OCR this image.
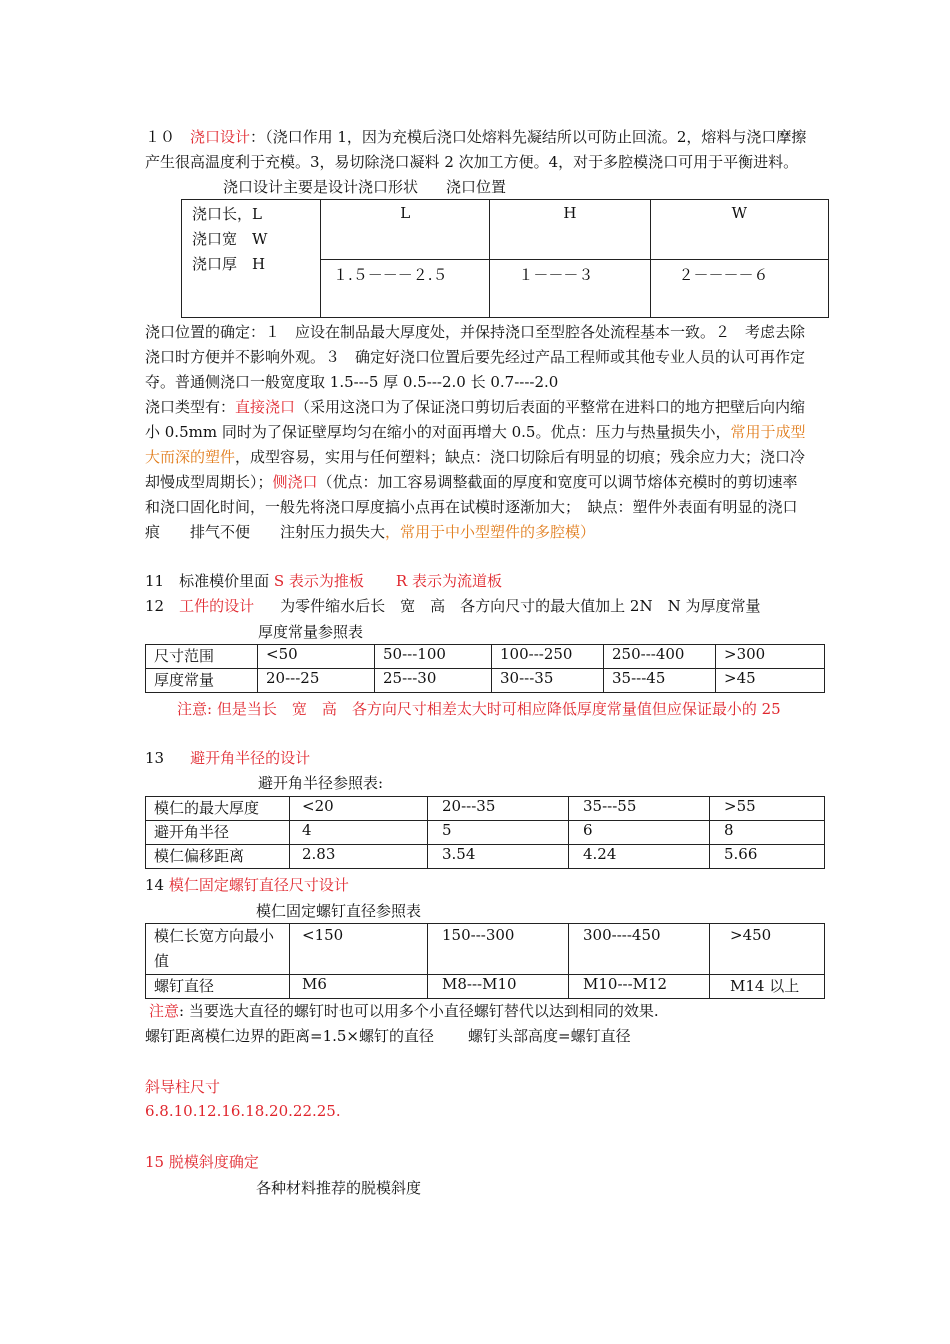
１０　 浇口设计：（浇口作用 1，因为充模后浇口处熔料先凝结所以可防止回流。2，熔料与浇口摩擦产生很高温度利于充模。3，易切除浇口凝料 2 次加工方便。4，对于多腔模浇口可用于平衡进料。浇口设计主要是设计浇口形状 浇口位置

浇口长，L
浇口宽　W
浇口厚　H	L	H	W
	１.５－－－２.５	１－－－３	２－－－－６

浇口位置的确定：１　应设在制品最大厚度处，并保持浇口至型腔各处流程基本一致。２　考虑去除浇口时方便并不影响外观。３　确定好浇口位置后要先经过产品工程师或其他专业人员的认可再作定夺。普通侧浇口一般宽度取 1.5---5 厚 0.5---2.0 长 0.7----2.0

浇口类型有：直接浇口（采用这浇口为了保证浇口剪切后表面的平整常在进料口的地方把壁后向内缩小 0.5mm 同时为了保证壁厚均匀在缩小的对面再增大 0.5。优点：压力与热量损失小，常用于成型大而深的塑件，成型容易，实用与任何塑料；缺点：浇口切除后有明显的切痕；残余应力大；浇口冷却慢成型周期长）；侧浇口（优点：加工容易调整截面的厚度和宽度可以调节熔体充模时的剪切速率和浇口固化时间，一般先将浇口厚度搞小点再在试模时逐渐加大；　缺点：塑件外表面有明显的浇口痕　　排气不便　　注射压力损失大，常用于中小型塑件的多腔模）

11　标准模价里面 S 表示为推板 R 表示为流道板

12　 工件的设计 为零件缩水后长　宽　高　各方向尺寸的最大值加上 2N　N 为厚度常量

厚度常量参照表
尺寸范围	<50	50---100	100---250	250---400	>300
厚度常量	20---25	25---30	30---35	35---45	>45

注意: 但是当长　宽　高　各方向尺寸相差太大时可相应降低厚度常量值但应保证最小的 25

13 避开角半径的设计

避开角半径参照表:
模仁的最大厚度	<20	20---35	35---55	>55
避开角半径	4	5	6	8
模仁偏移距离	2.83	3.54	4.24	5.66

14 模仁固定螺钉直径尺寸设计

模仁固定螺钉直径参照表
模仁长宽方向最小值	<150	150---300	300----450	>450
螺钉直径	M6	M8---M10	M10---M12	M14 以上

注意: 当要选大直径的螺钉时也可以用多个小直径螺钉替代以达到相同的效果.

螺钉距离模仁边界的距离=1.5×螺钉的直径 螺钉头部高度=螺钉直径

斜导柱尺寸

6.8.10.12.16.18.20.22.25.

15 脱模斜度确定

各种材料推荐的脱模斜度
